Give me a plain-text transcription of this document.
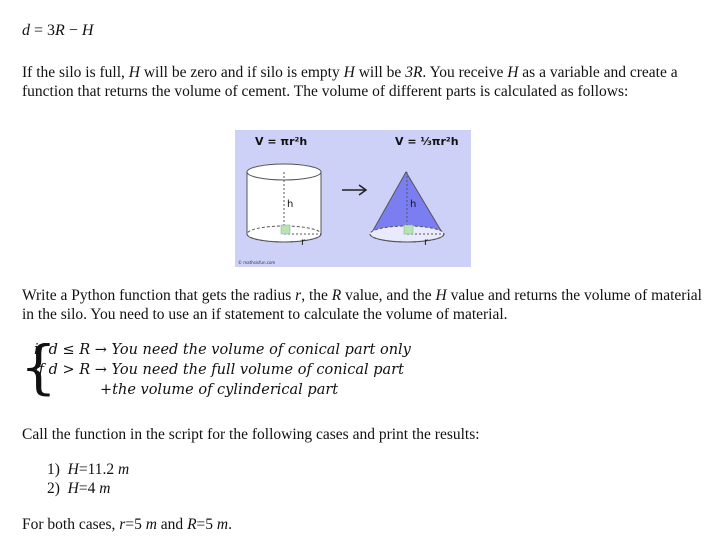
d = 3R − H
If the silo is full, H will be zero and if silo is empty H will be 3R. You receive H as a variable and create a function that returns the volume of cement. The volume of different parts is calculated as follows:
V = πr²h	V = ⅓πr²h
h
r
h
r
© mathsisfun.com
Write a Python function that gets the radius r, the R value, and the H value and returns the volume of material in the silo. You need to use an if statement to calculate the volume of material.
{
if d ≤ R → You need the volume of conical part only
if d > R → You need the full volume of conical part
+the volume of cylinderical part
Call the function in the script for the following cases and print the results:
1) H=11.2 m
2) H=4 m
For both cases, r=5 m and R=5 m.
